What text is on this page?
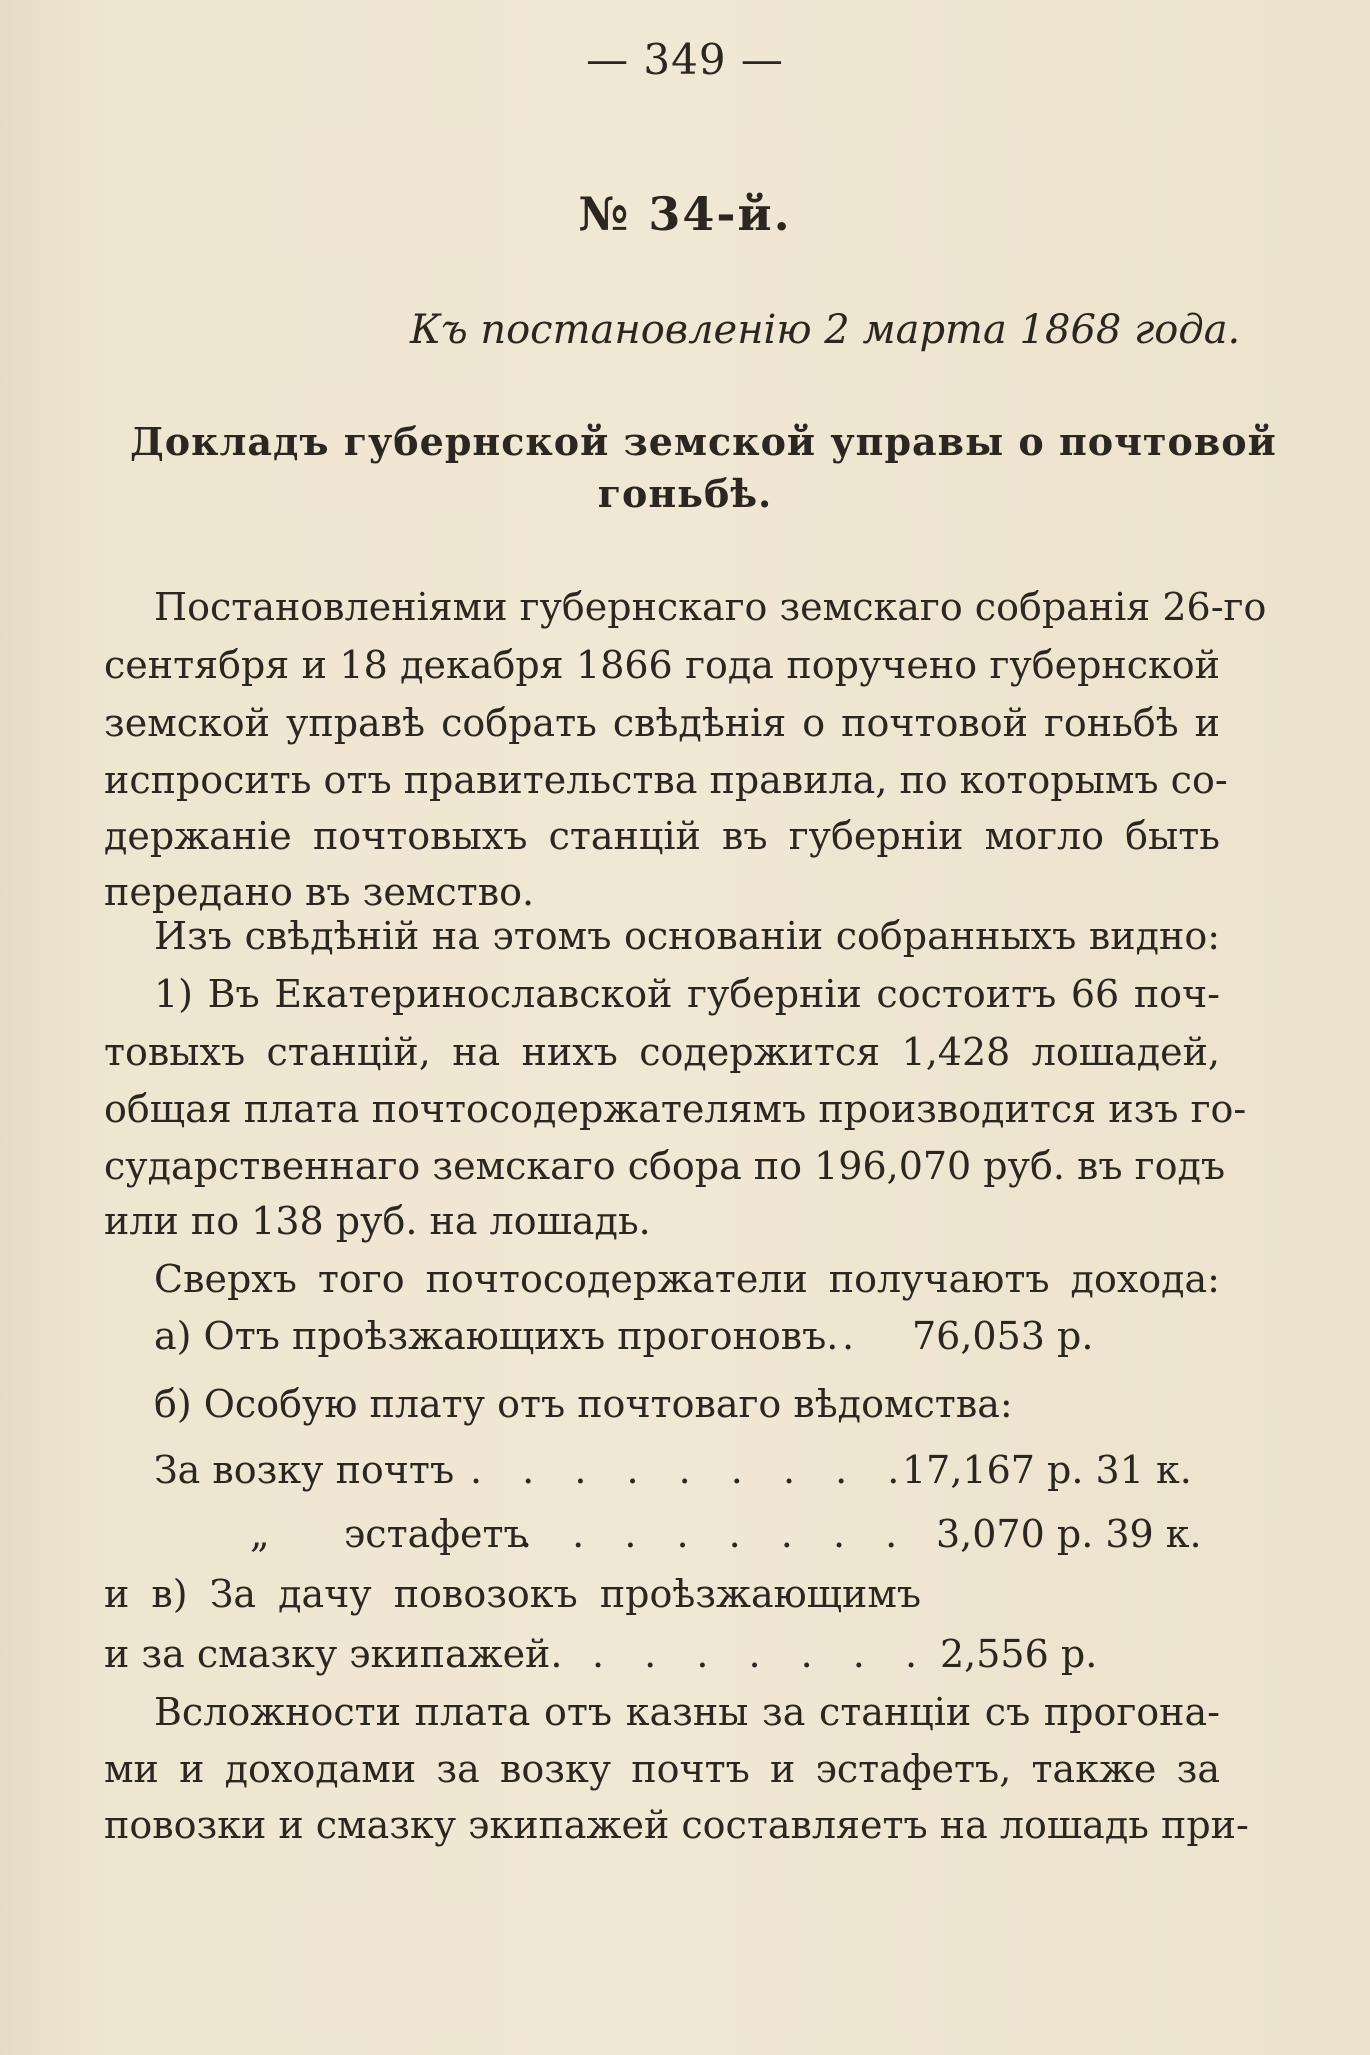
— 349 —
№ 34-й.
Къ постановленію 2 марта 1868 года.
Докладъ губернской земской управы о почтовой
гоньбѣ.
Постановленіями губернскаго земскаго собранія 26-го
сентября и 18 декабря 1866 года поручено губернской
земской управѣ собрать свѣдѣнія о почтовой гоньбѣ и
испросить отъ правительства правила, по которымъ со-
держаніе почтовыхъ станцій въ губерніи могло быть
передано въ земство.
Изъ свѣдѣній на этомъ основаніи собранныхъ видно:
1) Въ Екатеринославской губерніи состоитъ 66 поч-
товыхъ станцій, на нихъ содержится 1,428 лошадей,
общая плата почтосодержателямъ производится изъ го-
сударственнаго земскаго сбора по 196,070 руб. въ годъ
или по 138 руб. на лошадь.
Сверхъ того почтосодержатели получаютъ дохода:
а) Отъ проѣзжающихъ прогоновъ. . 76,053 р.
б) Особую плату отъ почтоваго вѣдомства:
За возку почтъ . . . . . . . . .
17,167 р. 31 к.
„ эстафетъ
. . . . . . . . 3,070 р. 39 к.
и в) За дачу повозокъ проѣзжающимъ
и за смазку экипажей. . . . . . . . 2,556 р.
Всложности плата отъ казны за станціи съ прогона-
ми и доходами за возку почтъ и эстафетъ, также за
повозки и смазку экипажей составляетъ на лошадь при-
